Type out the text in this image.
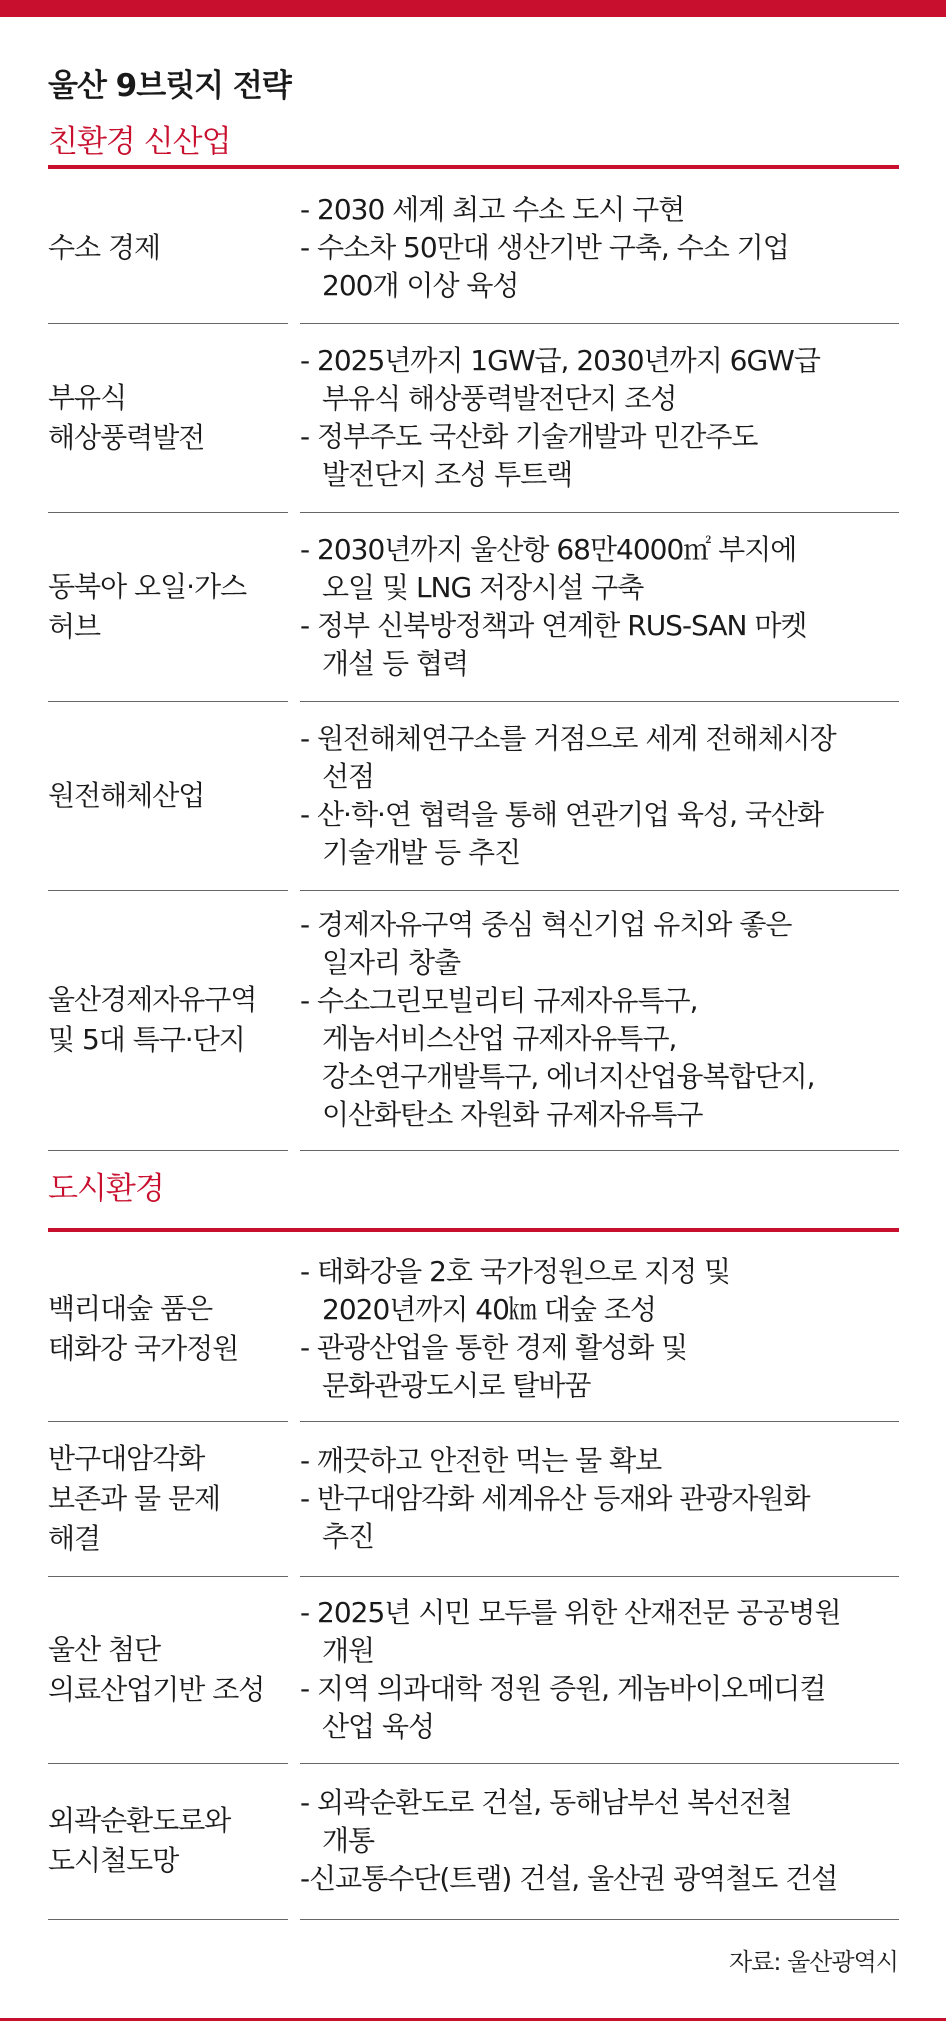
울산 9브릿지 전략
친환경 신산업
수소 경제
- 2030 세계 최고 수소 도시 구현
- 수소차 50만대 생산기반 구축, 수소 기업
200개 이상 육성
부유식
해상풍력발전
- 2025년까지 1GW급, 2030년까지 6GW급
부유식 해상풍력발전단지 조성
- 정부주도 국산화 기술개발과 민간주도
발전단지 조성 투트랙
동북아 오일·가스
허브
- 2030년까지 울산항 68만4000㎡ 부지에
오일 및 LNG 저장시설 구축
- 정부 신북방정책과 연계한 RUS-SAN 마켓
개설 등 협력
원전해체산업
- 원전해체연구소를 거점으로 세계 전해체시장
선점
- 산·학·연 협력을 통해 연관기업 육성, 국산화
기술개발 등 추진
울산경제자유구역
및 5대 특구·단지
- 경제자유구역 중심 혁신기업 유치와 좋은
일자리 창출
- 수소그린모빌리티 규제자유특구,
게놈서비스산업 규제자유특구,
강소연구개발특구, 에너지산업융복합단지,
이산화탄소 자원화 규제자유특구
도시환경
백리대숲 품은
태화강 국가정원
- 태화강을 2호 국가정원으로 지정 및
2020년까지 40㎞ 대숲 조성
- 관광산업을 통한 경제 활성화 및
문화관광도시로 탈바꿈
반구대암각화
보존과 물 문제
해결
- 깨끗하고 안전한 먹는 물 확보
- 반구대암각화 세계유산 등재와 관광자원화
추진
울산 첨단
의료산업기반 조성
- 2025년 시민 모두를 위한 산재전문 공공병원
개원
- 지역 의과대학 정원 증원, 게놈바이오메디컬
산업 육성
외곽순환도로와
도시철도망
- 외곽순환도로 건설, 동해남부선 복선전철
개통
-신교통수단(트램) 건설, 울산권 광역철도 건설
자료: 울산광역시
